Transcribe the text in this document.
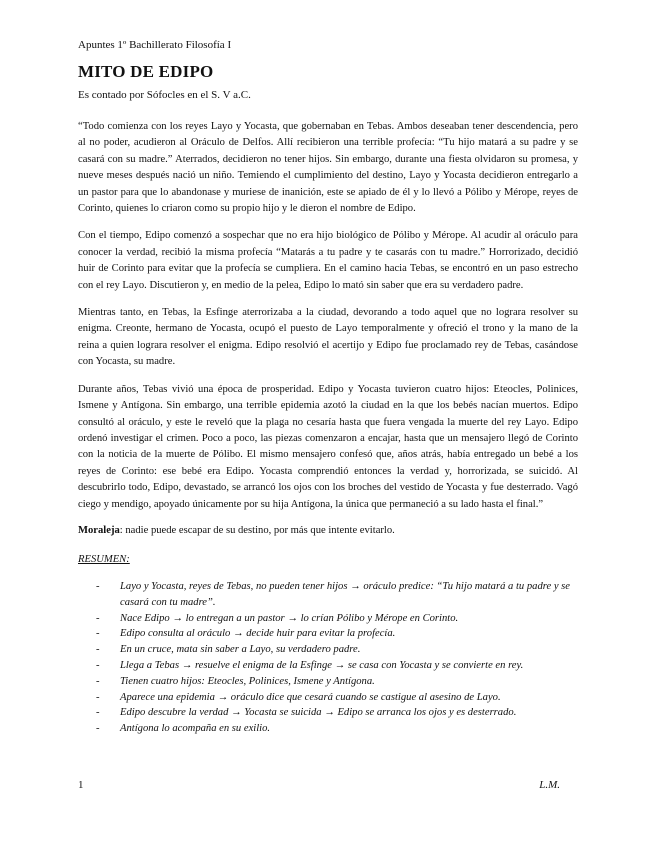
Apuntes 1º Bachillerato Filosofía I

MITO DE EDIPO

Es contado por Sófocles en el S. V a.C.

“Todo comienza con los reyes Layo y Yocasta, que gobernaban en Tebas. Ambos deseaban tener descendencia, pero al no poder, acudieron al Oráculo de Delfos. Allí recibieron una terrible profecía: “Tu hijo matará a su padre y se casará con su madre.” Aterrados, decidieron no tener hijos. Sin embargo, durante una fiesta olvidaron su promesa, y nueve meses después nació un niño. Temiendo el cumplimiento del destino, Layo y Yocasta decidieron entregarlo a un pastor para que lo abandonase y muriese de inanición, este se apiado de él y lo llevó a Pólibo y Mérope, reyes de Corinto, quienes lo criaron como su propio hijo y le dieron el nombre de Edipo.

Con el tiempo, Edipo comenzó a sospechar que no era hijo biológico de Pólibo y Mérope. Al acudir al oráculo para conocer la verdad, recibió la misma profecía “Matarás a tu padre y te casarás con tu madre.” Horrorizado, decidió huir de Corinto para evitar que la profecía se cumpliera. En el camino hacia Tebas, se encontró en un paso estrecho con el rey Layo. Discutieron y, en medio de la pelea, Edipo lo mató sin saber que era su verdadero padre.

Mientras tanto, en Tebas, la Esfinge aterrorizaba a la ciudad, devorando a todo aquel que no lograra resolver su enigma. Creonte, hermano de Yocasta, ocupó el puesto de Layo temporalmente y ofreció el trono y la mano de la reina a quien lograra resolver el enigma. Edipo resolvió el acertijo y Edipo fue proclamado rey de Tebas, casándose con Yocasta, su madre.

Durante años, Tebas vivió una época de prosperidad. Edipo y Yocasta tuvieron cuatro hijos: Eteocles, Polinices, Ismene y Antígona. Sin embargo, una terrible epidemia azotó la ciudad en la que los bebés nacían muertos. Edipo consultó al oráculo, y este le reveló que la plaga no cesaría hasta que fuera vengada la muerte del rey Layo. Edipo ordenó investigar el crimen. Poco a poco, las piezas comenzaron a encajar, hasta que un mensajero llegó de Corinto con la noticia de la muerte de Pólibo. El mismo mensajero confesó que, años atrás, había entregado un bebé a los reyes de Corinto: ese bebé era Edipo. Yocasta comprendió entonces la verdad y, horrorizada, se suicidó. Al descubrirlo todo, Edipo, devastado, se arrancó los ojos con los broches del vestido de Yocasta y fue desterrado. Vagó ciego y mendigo, apoyado únicamente por su hija Antígona, la única que permaneció a su lado hasta el final.”

Moraleja: nadie puede escapar de su destino, por más que intente evitarlo.

RESUMEN:

- Layo y Yocasta, reyes de Tebas, no pueden tener hijos → oráculo predice: “Tu hijo matará a tu padre y se casará con tu madre”.
- Nace Edipo → lo entregan a un pastor → lo crían Pólibo y Mérope en Corinto.
- Edipo consulta al oráculo → decide huir para evitar la profecía.
- En un cruce, mata sin saber a Layo, su verdadero padre.
- Llega a Tebas → resuelve el enigma de la Esfinge → se casa con Yocasta y se convierte en rey.
- Tienen cuatro hijos: Eteocles, Polinices, Ismene y Antígona.
- Aparece una epidemia → oráculo dice que cesará cuando se castigue al asesino de Layo.
- Edipo descubre la verdad → Yocasta se suicida → Edipo se arranca los ojos y es desterrado.
- Antígona lo acompaña en su exilio.
1	L.M.
